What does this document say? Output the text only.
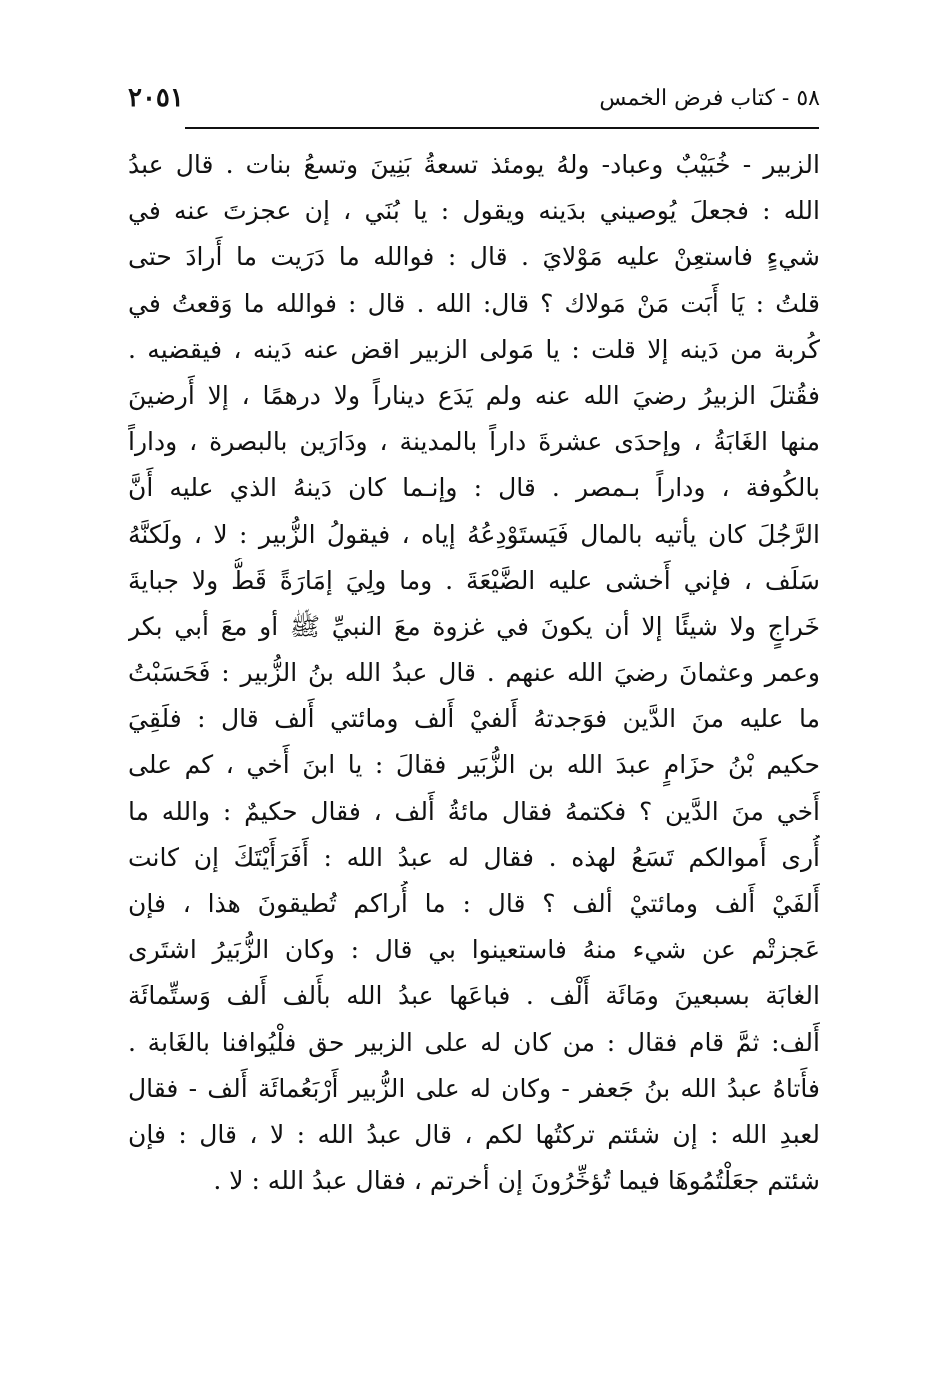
٥٨ - كتاب فرض الخمس
٢٠٥١
الزبير - خُبَيْبٌ وعباد- ولهُ يومئذ تسعةُ بَنِينَ وتسعُ بنات . قال عبدُ
الله : فجعلَ يُوصيني بدَينه ويقول : يا بُنَي ، إن عجزتَ عنه في
شيءٍ فاستعِنْ عليه مَوْلايَ . قال : فوالله ما دَرَيت ما أَرادَ حتى
قلتُ : يَا أَبَت مَنْ مَولاك ؟ قال: الله . قال : فوالله ما وَقعتُ في
كُربة من دَينه إلا قلت : يا مَولى الزبير اقض عنه دَينه ، فيقضيه .
فقُتلَ الزبيرُ رضيَ الله عنه ولم يَدَع ديناراً ولا درهمًا ، إلا أَرضينَ
منها الغَابَةُ ، وإحدَى عشرةَ داراً بالمدينة ، ودَارَين بالبصرة ، وداراً
بالكُوفة ، وداراً بـمصر . قال : وإنـما كان دَينهُ الذي عليه أَنَّ
الرَّجُلَ كان يأتيه بالمال فَيَستَوْدِعُهُ إياه ، فيقولُ الزُّبير : لا ، ولَكنَّهُ
سَلَف ، فإني أَخشى عليه الضَّيْعَةَ . وما ولِيَ إمَارَةً قَطُّ ولا جبايةَ
خَراجٍ ولا شيئًا إلا أن يكونَ في غزوة معَ النبيِّ ﷺ أو معَ أبي بكر
وعمر وعثمانَ رضيَ الله عنهم . قال عبدُ الله بنُ الزُّبير : فَحَسَبْتُ
ما عليه منَ الدَّين فوَجدتهُ أَلفيْ أَلف ومائتي أَلف قال : فلَقِيَ
حكيم بْنُ حزَامٍ عبدَ الله بن الزُّبَير فقالَ : يا ابنَ أَخي ، كم على
أَخي منَ الدَّين ؟ فكتمهُ فقال مائةُ أَلف ، فقال حكيمٌ : والله ما
أُرى أَموالكم تَسَعُ لهذه . فقال له عبدُ الله : أَفَرَأَيْتَكَ إن كانت
أَلفَيْ أَلف ومائتيْ ألف ؟ قال : ما أُراكم تُطيقونَ هذا ، فإن
عَجزتْم عن شيء منهُ فاستعينوا بي قال : وكان الزُّبَيرُ اشتَرى
الغابَة بسبعينَ ومَائَة أَلْف . فباعَها عبدُ الله بأَلف أَلف وَستِّمائَة
أَلف: ثمَّ قام فقال : من كان له على الزبير حق فلْيُوافنا بالغَابة .
فأَتاهُ عبدُ الله بنُ جَعفر - وكان له على الزُّبير أَرْبَعُمائَة أَلف - فقال
لعبدِ الله : إن شئتم تركتُها لكم ، قال عبدُ الله : لا ، قال : فإن
شئتم جعَلْتُمُوهَا فيما تُؤخِّرُونَ إن أخرتم ، فقال عبدُ الله : لا .
